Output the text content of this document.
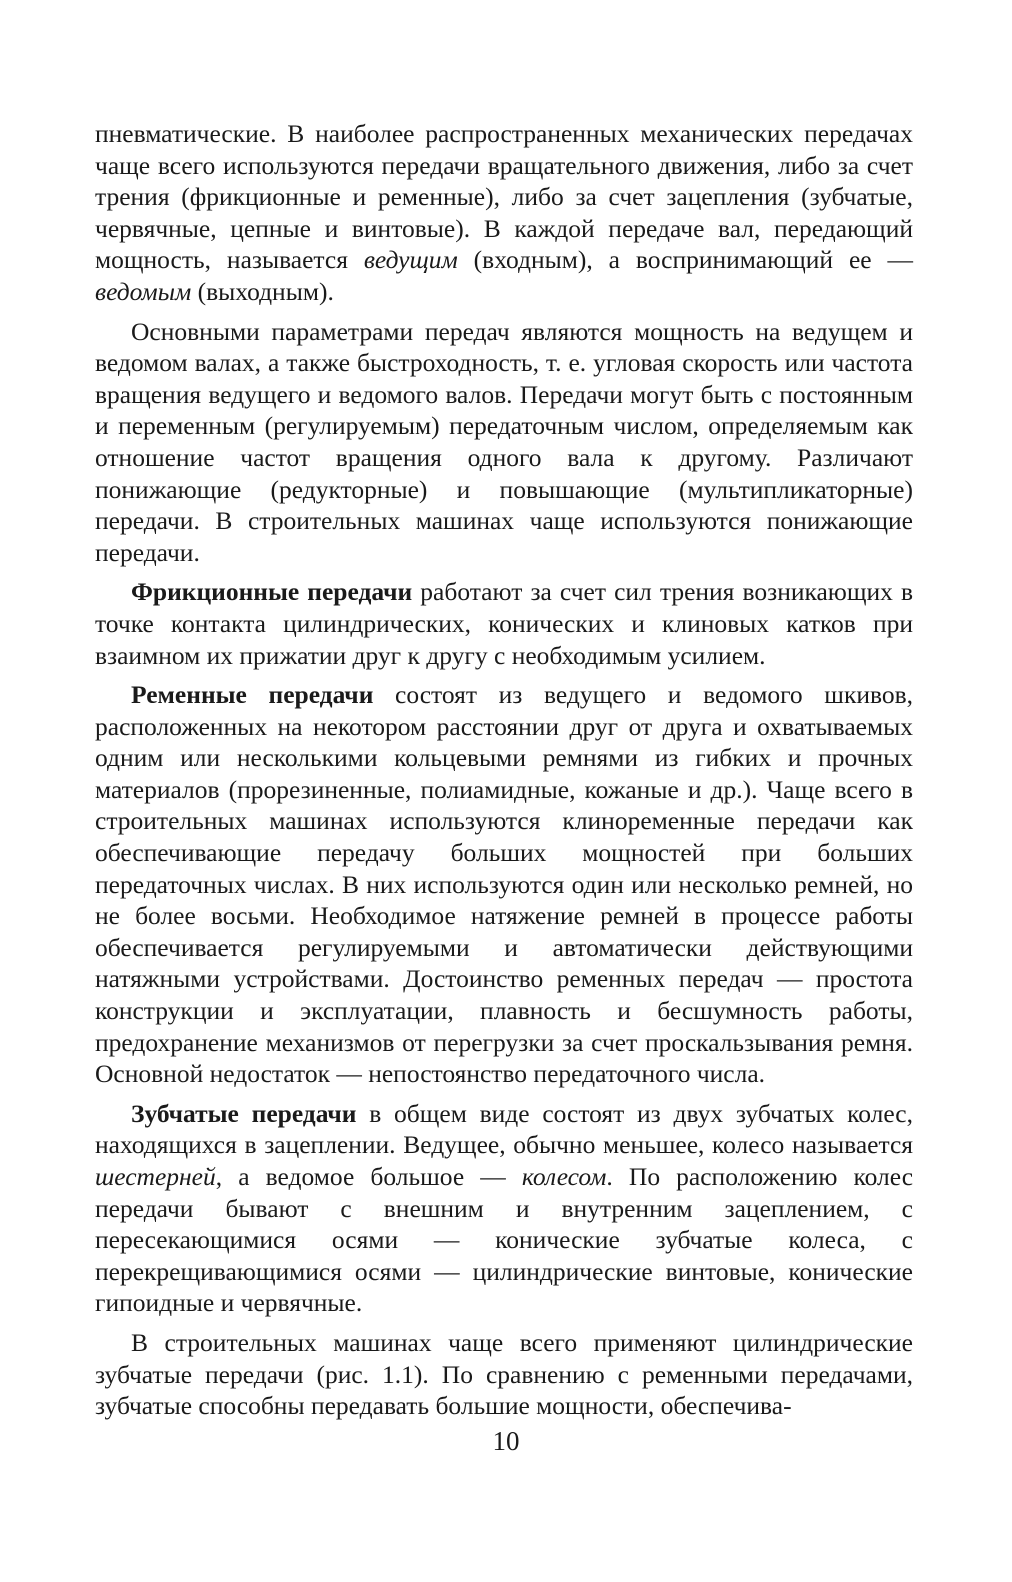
пневматические. В наиболее распространенных механических передачах чаще всего используются передачи вращательного движения, либо за счет трения (фрикционные и ременные), либо за счет зацепления (зубчатые, червячные, цепные и винтовые). В каждой передаче вал, передающий мощность, называется ведущим (входным), а воспринимающий ее — ведомым (выходным).

Основными параметрами передач являются мощность на ведущем и ведомом валах, а также быстроходность, т. е. угловая скорость или частота вращения ведущего и ведомого валов. Передачи могут быть с постоянным и переменным (регулируемым) передаточным числом, определяемым как отношение частот вращения одного вала к другому. Различают понижающие (редукторные) и повышающие (мультипликаторные) передачи. В строительных машинах чаще используются понижающие передачи.

Фрикционные передачи работают за счет сил трения возникающих в точке контакта цилиндрических, конических и клиновых катков при взаимном их прижатии друг к другу с необходимым усилием.

Ременные передачи состоят из ведущего и ведомого шкивов, расположенных на некотором расстоянии друг от друга и охватываемых одним или несколькими кольцевыми ремнями из гибких и прочных материалов (прорезиненные, полиамидные, кожаные и др.). Чаще всего в строительных машинах используются клиноременные передачи как обеспечивающие передачу больших мощностей при больших передаточных числах. В них используются один или несколько ремней, но не более восьми. Необходимое натяжение ремней в процессе работы обеспечивается регулируемыми и автоматически действующими натяжными устройствами. Достоинство ременных передач — простота конструкции и эксплуатации, плавность и бесшумность работы, предохранение механизмов от перегрузки за счет проскальзывания ремня. Основной недостаток — непостоянство передаточного числа.

Зубчатые передачи в общем виде состоят из двух зубчатых колес, находящихся в зацеплении. Ведущее, обычно меньшее, колесо называется шестерней, а ведомое большое — колесом. По расположению колес передачи бывают с внешним и внутренним зацеплением, с пересекающимися осями — конические зубчатые колеса, с перекрещивающимися осями — цилиндрические винтовые, конические гипоидные и червячные.

В строительных машинах чаще всего применяют цилиндрические зубчатые передачи (рис. 1.1). По сравнению с ременными передачами, зубчатые способны передавать большие мощности, обеспечива-

10
